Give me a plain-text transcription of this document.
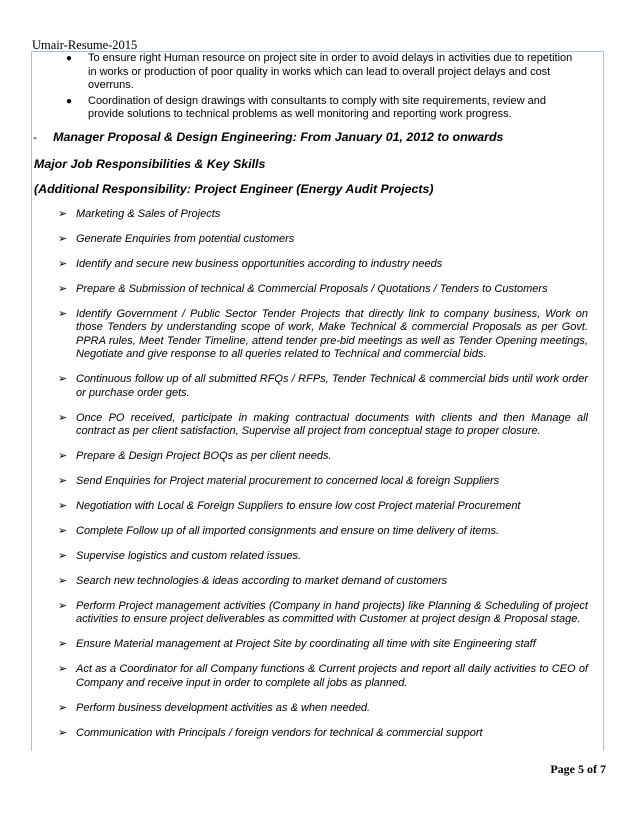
Umair-Resume-2015
● To ensure right Human resource on project site in order to avoid delays in activities due to repetition in works or production of poor quality in works which can lead to overall project delays and cost overruns.
● Coordination of design drawings with consultants to comply with site requirements, review and provide solutions to technical problems as well monitoring and reporting work progress.
- Manager Proposal & Design Engineering: From January 01, 2012 to onwards
Major Job Responsibilities & Key Skills
(Additional Responsibility: Project Engineer (Energy Audit Projects)
➢ Marketing & Sales of Projects
➢ Generate Enquiries from potential customers
➢ Identify and secure new business opportunities according to industry needs
➢ Prepare & Submission of technical & Commercial Proposals / Quotations / Tenders to Customers
➢ Identify Government / Public Sector Tender Projects that directly link to company business, Work on those Tenders by understanding scope of work, Make Technical & commercial Proposals as per Govt. PPRA rules, Meet Tender Timeline, attend tender pre-bid meetings as well as Tender Opening meetings, Negotiate and give response to all queries related to Technical and commercial bids.
➢ Continuous follow up of all submitted RFQs / RFPs, Tender Technical & commercial bids until work order or purchase order gets.
➢ Once PO received, participate in making contractual documents with clients and then Manage all contract as per client satisfaction, Supervise all project from conceptual stage to proper closure.
➢ Prepare & Design Project BOQs as per client needs.
➢ Send Enquiries for Project material procurement to concerned local & foreign Suppliers
➢ Negotiation with Local & Foreign Suppliers to ensure low cost Project material Procurement
➢ Complete Follow up of all imported consignments and ensure on time delivery of items.
➢ Supervise logistics and custom related issues.
➢ Search new technologies & ideas according to market demand of customers
➢ Perform Project management activities (Company in hand projects) like Planning & Scheduling of project activities to ensure project deliverables as committed with Customer at project design & Proposal stage.
➢ Ensure Material management at Project Site by coordinating all time with site Engineering staff
➢ Act as a Coordinator for all Company functions & Current projects and report all daily activities to CEO of Company and receive input in order to complete all jobs as planned.
➢ Perform business development activities as & when needed.
➢ Communication with Principals / foreign vendors for technical & commercial support
Page 5 of 7
